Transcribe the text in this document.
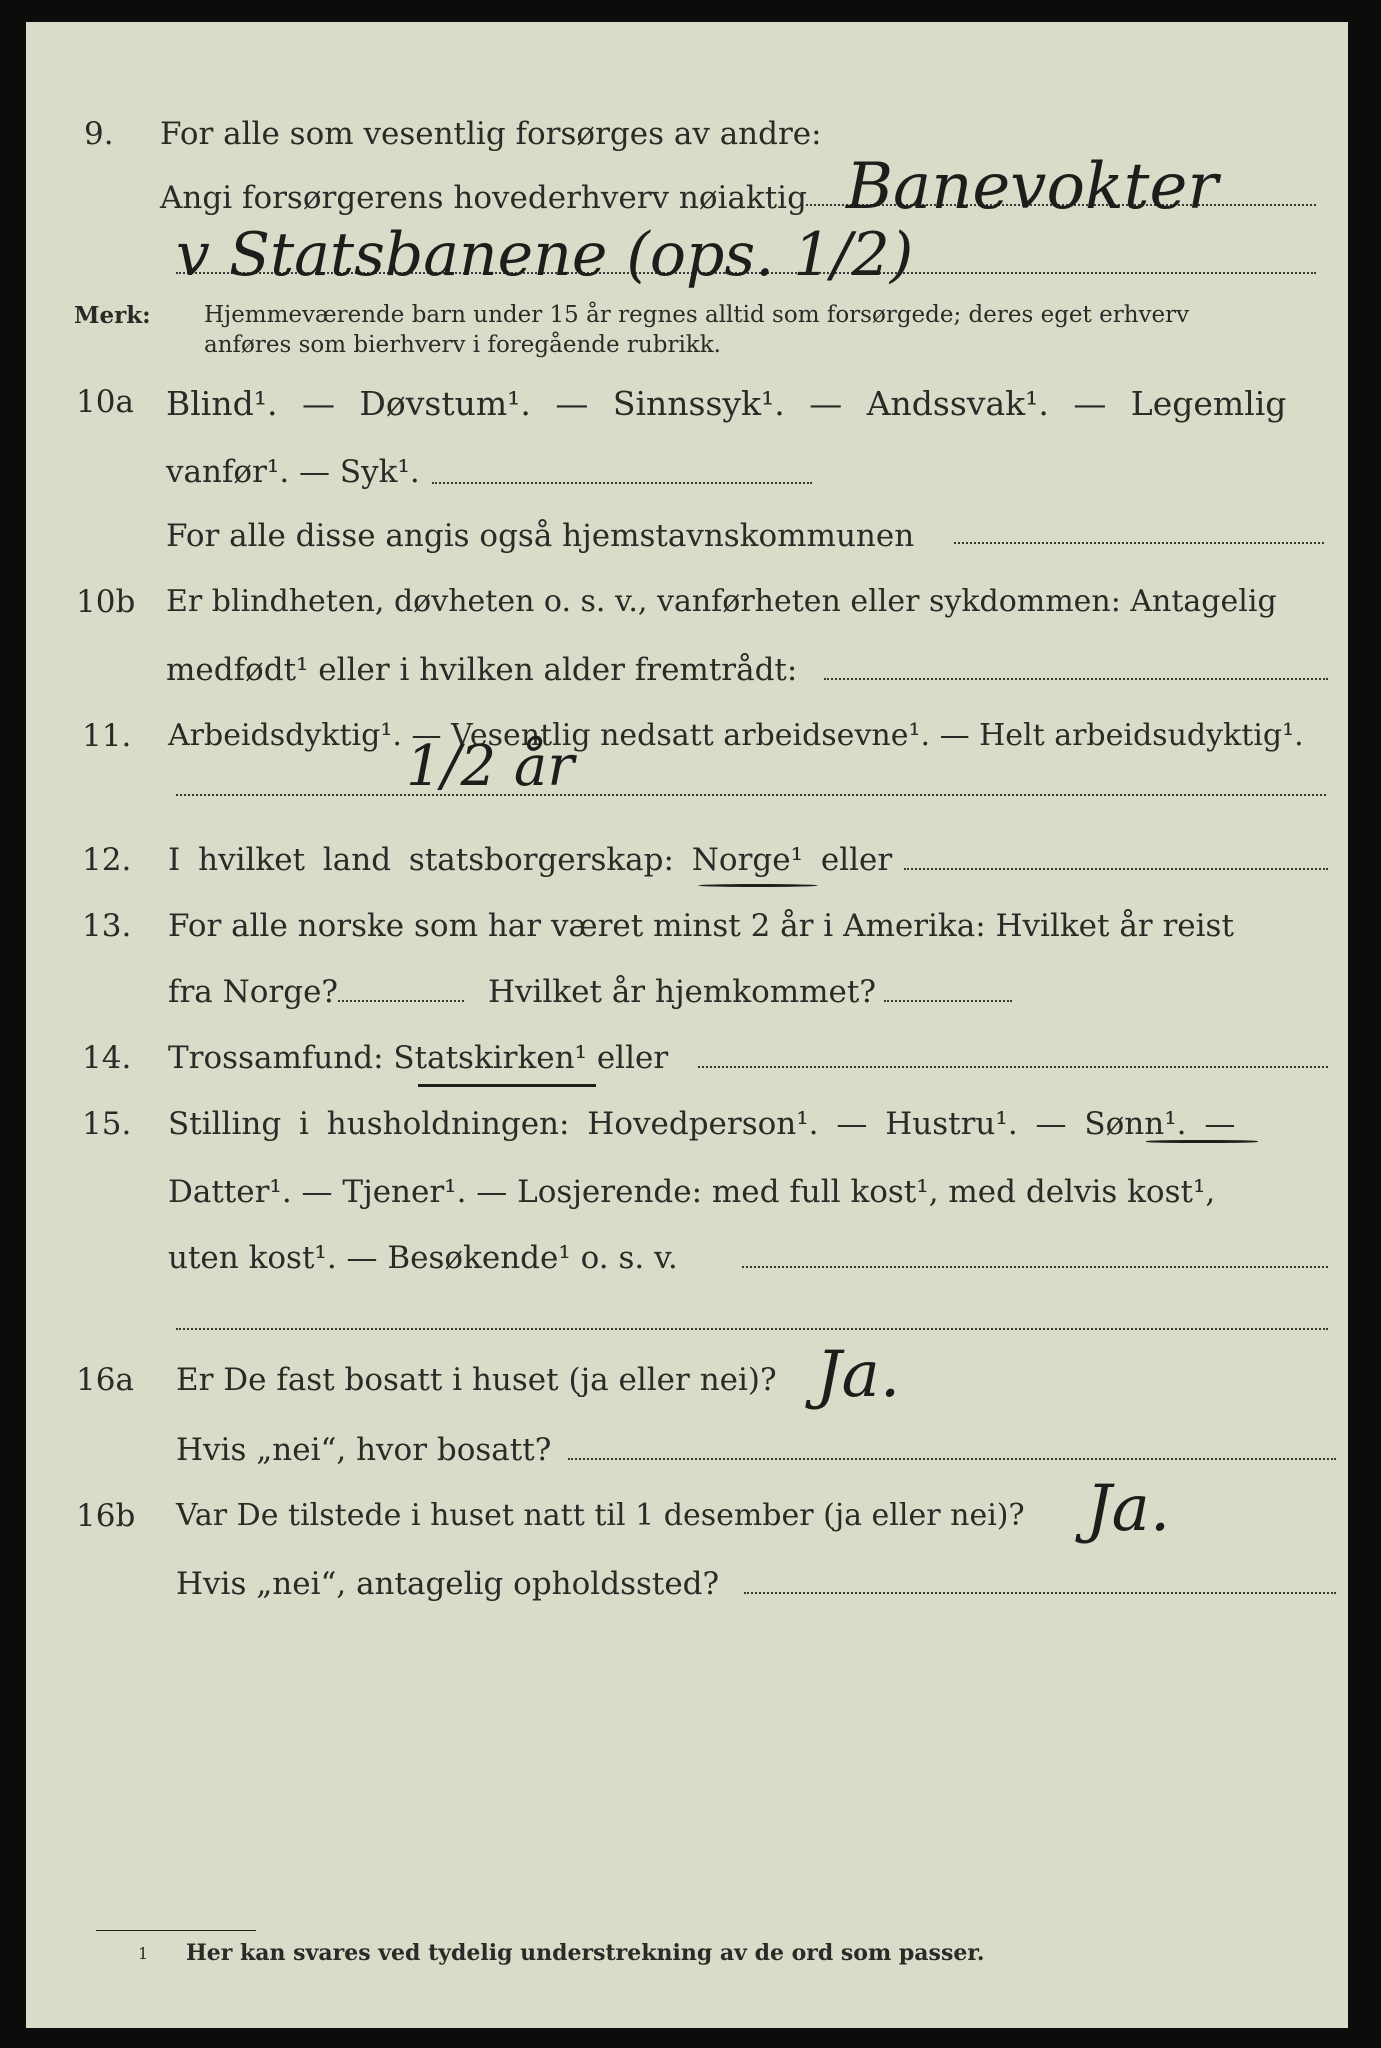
9. For alle som vesentlig forsørges av andre:
Angi forsørgerens hovederhverv nøiaktig Banevokter
v Statsbanene (ops. 1/2)
Merk: Hjemmeværende barn under 15 år regnes alltid som forsørgede; deres eget erhverv
anføres som bierhverv i foregående rubrikk.
10a Blind¹. — Døvstum¹. — Sinnssyk¹. — Andssvak¹. — Legemlig
vanfør¹. — Syk¹.
For alle disse angis også hjemstavnskommunen
10b Er blindheten, døvheten o. s. v., vanførheten eller sykdommen: Antagelig
medfødt¹ eller i hvilken alder fremtrådt:
11. Arbeidsdyktig¹. — Vesentlig nedsatt arbeidsevne¹. — Helt arbeidsudyktig¹.
1/2 år
12. I hvilket land statsborgerskap: Norge¹ eller
13. For alle norske som har været minst 2 år i Amerika: Hvilket år reist
fra Norge?	Hvilket år hjemkommet?
14. Trossamfund: Statskirken¹ eller
15. Stilling i husholdningen: Hovedperson¹. — Hustru¹. — Sønn¹. —
Datter¹. — Tjener¹. — Losjerende: med full kost¹, med delvis kost¹,
uten kost¹. — Besøkende¹ o. s. v.
16a Er De fast bosatt i huset (ja eller nei)? Ja.
Hvis „nei“, hvor bosatt?
16b Var De tilstede i huset natt til 1 desember (ja eller nei)? Ja.
Hvis „nei“, antagelig opholdssted?
1 Her kan svares ved tydelig understrekning av de ord som passer.
